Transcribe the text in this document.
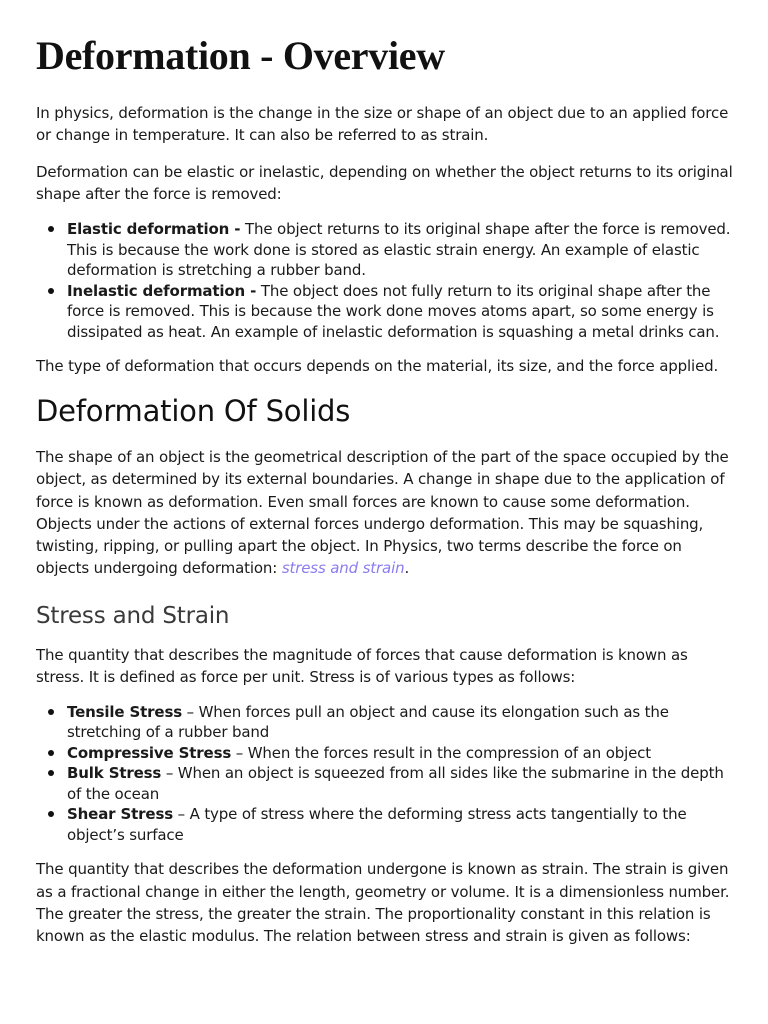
Deformation - Overview

In physics, deformation is the change in the size or shape of an object due to an applied force or change in temperature. It can also be referred to as strain.

Deformation can be elastic or inelastic, depending on whether the object returns to its original shape after the force is removed:

Elastic deformation - The object returns to its original shape after the force is removed. This is because the work done is stored as elastic strain energy. An example of elastic deformation is stretching a rubber band.
Inelastic deformation - The object does not fully return to its original shape after the force is removed. This is because the work done moves atoms apart, so some energy is dissipated as heat. An example of inelastic deformation is squashing a metal drinks can.

The type of deformation that occurs depends on the material, its size, and the force applied.

Deformation Of Solids

The shape of an object is the geometrical description of the part of the space occupied by the object, as determined by its external boundaries. A change in shape due to the application of force is known as deformation. Even small forces are known to cause some deformation. Objects under the actions of external forces undergo deformation. This may be squashing, twisting, ripping, or pulling apart the object. In Physics, two terms describe the force on objects undergoing deformation: stress and strain.

Stress and Strain

The quantity that describes the magnitude of forces that cause deformation is known as stress. It is defined as force per unit. Stress is of various types as follows:

Tensile Stress – When forces pull an object and cause its elongation such as the stretching of a rubber band
Compressive Stress – When the forces result in the compression of an object
Bulk Stress – When an object is squeezed from all sides like the submarine in the depth of the ocean
Shear Stress – A type of stress where the deforming stress acts tangentially to the object’s surface

The quantity that describes the deformation undergone is known as strain. The strain is given as a fractional change in either the length, geometry or volume. It is a dimensionless number. The greater the stress, the greater the strain. The proportionality constant in this relation is known as the elastic modulus. The relation between stress and strain is given as follows:
